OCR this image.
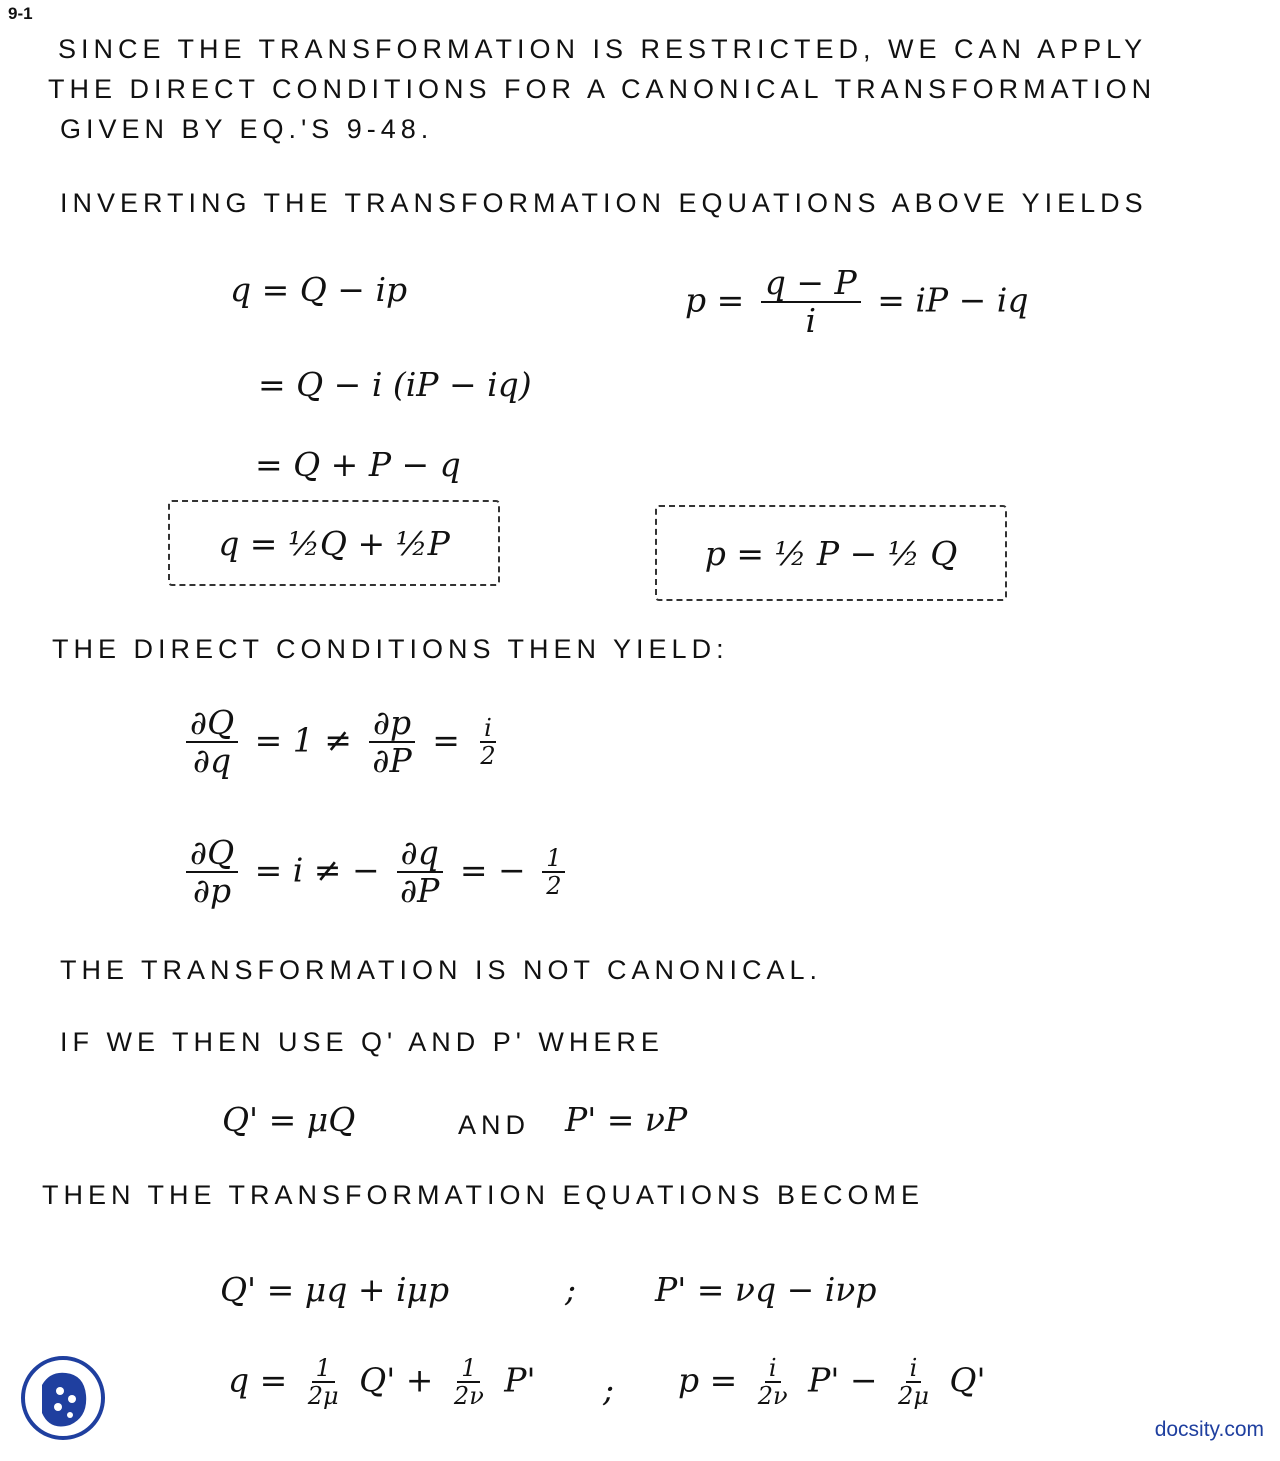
9-1
SINCE THE TRANSFORMATION IS RESTRICTED, WE CAN APPLY
THE DIRECT CONDITIONS FOR A CANONICAL TRANSFORMATION
GIVEN BY EQ.'S 9-48.
INVERTING THE TRANSFORMATION EQUATIONS ABOVE YIELDS
q = Q − ip	$p = \frac{q - P}{i}$ = iP − iq
= Q − i (iP − iq)
= Q + P − q
q = ½Q + ½P	p = ½ P − ½ Q
THE DIRECT CONDITIONS THEN YIELD:
$\frac{\partial Q}{\partial q} = 1 \ne \frac{\partial p}{\partial P} = \frac{i}{2}$
$\frac{\partial Q}{\partial p} = i$ ≠ − $\frac{\partial q}{\partial P}$ = − $\frac{1}{2}$
THE TRANSFORMATION IS NOT CANONICAL.
IF WE THEN USE Q' AND P' WHERE
Q' = μQ	AND P' = νP
THEN THE TRANSFORMATION EQUATIONS BECOME
Q' = μq + iμp	; P' = νq − iνp
$q = \frac{1}{2\mu} Q' + \frac{1}{2\nu} P'$ ; $p = \frac{i}{2\nu} P' - \frac{i}{2\mu} Q'$
docsity.com
